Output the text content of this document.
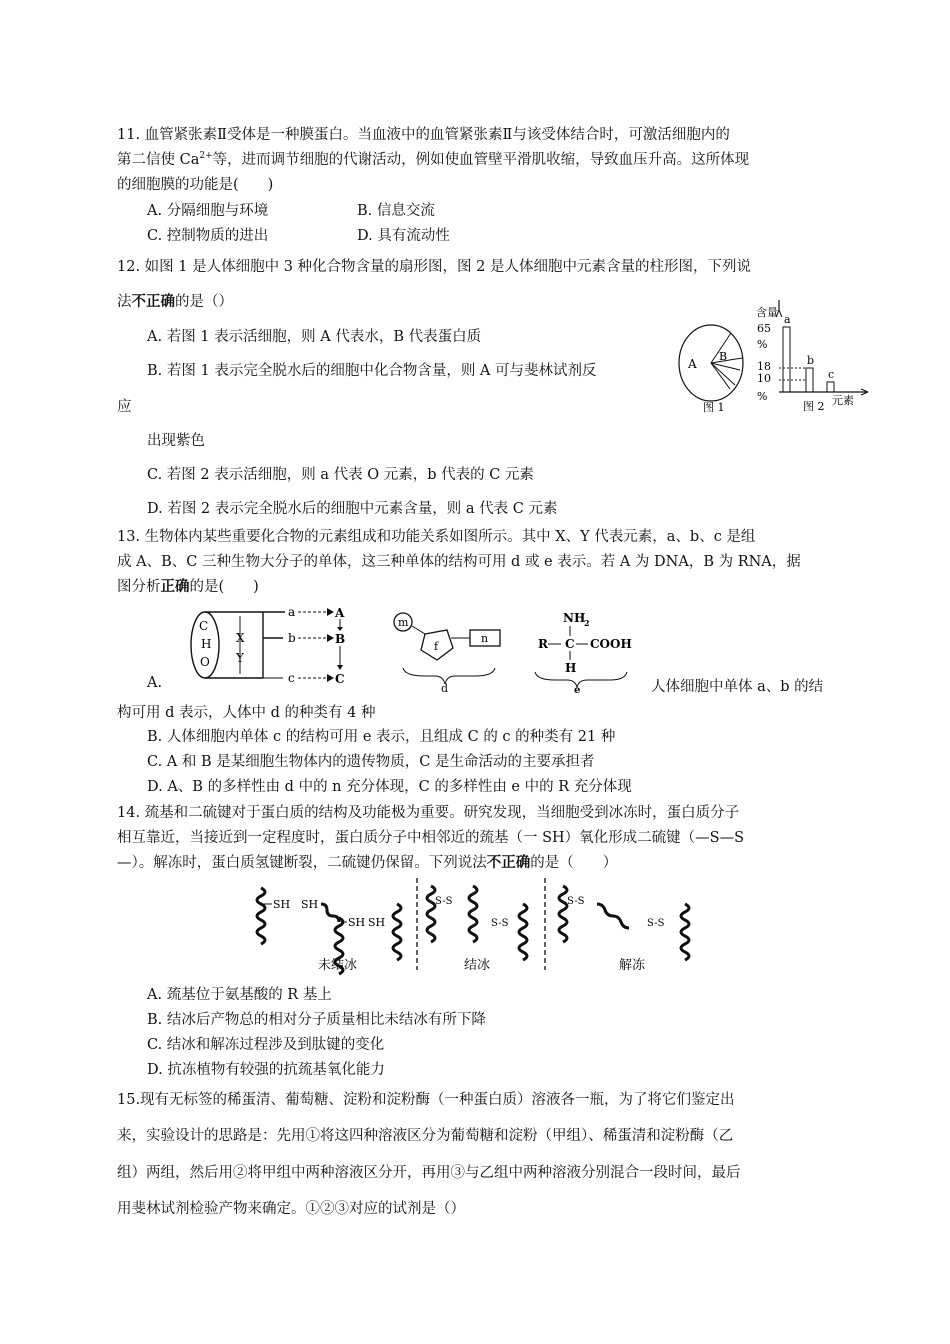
11. 血管紧张素Ⅱ受体是一种膜蛋白。当血液中的血管紧张素Ⅱ与该受体结合时，可激活细胞内的
第二信使 $Ca^{2+}$等，进而调节细胞的代谢活动，例如使血管壁平滑肌收缩，导致血压升高。这所体现
的细胞膜的功能是(　　)
A. 分隔细胞与环境	B. 信息交流
C. 控制物质的进出	D. 具有流动性
12. 如图 1 是人体细胞中 3 种化合物含量的扇形图，图 2 是人体细胞中元素含量的柱形图，下列说
法不正确的是（）
A. 若图 1 表示活细胞，则 A 代表水，B 代表蛋白质
B. 若图 1 表示完全脱水后的细胞中化合物含量，则 A 可与斐林试剂反
应
出现紫色
C. 若图 2 表示活细胞，则 a 代表 O 元素，b 代表的 C 元素
D. 若图 2 表示完全脱水后的细胞中元素含量，则 a 代表 C 元素
A
B
图 1
含量
65
%
18
10
%
a
b
c
图 2 元素
13. 生物体内某些重要化合物的元素组成和功能关系如图所示。其中 X、Y 代表元素，a、b、c 是组
成 A、B、C 三种生物大分子的单体，这三种单体的结构可用 d 或 e 表示。若 A 为 DNA，B 为 RNA，据
图分析正确的是(　　)
A.	人体细胞中单体 a、b 的结
构可用 d 表示，人体中 d 的种类有 4 种
B. 人体细胞内单体 c 的结构可用 e 表示，且组成 C 的 c 的种类有 21 种
C. A 和 B 是某细胞生物体内的遗传物质，C 是生命活动的主要承担者
D. A、B 的多样性由 d 中的 n 充分体现，C 的多样性由 e 中的 R 充分体现
C
H
O
X
Y
a	A
b	B
c	C
m
f
n
d
NH
2
R C COOH
H
e
14. 巯基和二硫键对于蛋白质的结构及功能极为重要。研究发现，当细胞受到冰冻时，蛋白质分子
相互靠近，当接近到一定程度时，蛋白质分子中相邻近的巯基（一 SH）氧化形成二硫键（—S—S
—）。解冻时，蛋白质氢键断裂，二硫键仍保留。下列说法不正确的是（　　）
A. 巯基位于氨基酸的 R 基上
B. 结冰后产物总的相对分子质量相比未结冰有所下降
C. 结冰和解冻过程涉及到肽键的变化
D. 抗冻植物有较强的抗巯基氧化能力
SH SH
SH SH
S-S
S-S
S-S
S-S
未结冰	结冰	解冻
15.现有无标签的稀蛋清、葡萄糖、淀粉和淀粉酶（一种蛋白质）溶液各一瓶，为了将它们鉴定出
来，实验设计的思路是：先用①将这四种溶液区分为葡萄糖和淀粉（甲组）、稀蛋清和淀粉酶（乙
组）两组，然后用②将甲组中两种溶液区分开，再用③与乙组中两种溶液分别混合一段时间，最后
用斐林试剂检验产物来确定。①②③对应的试剂是（）
